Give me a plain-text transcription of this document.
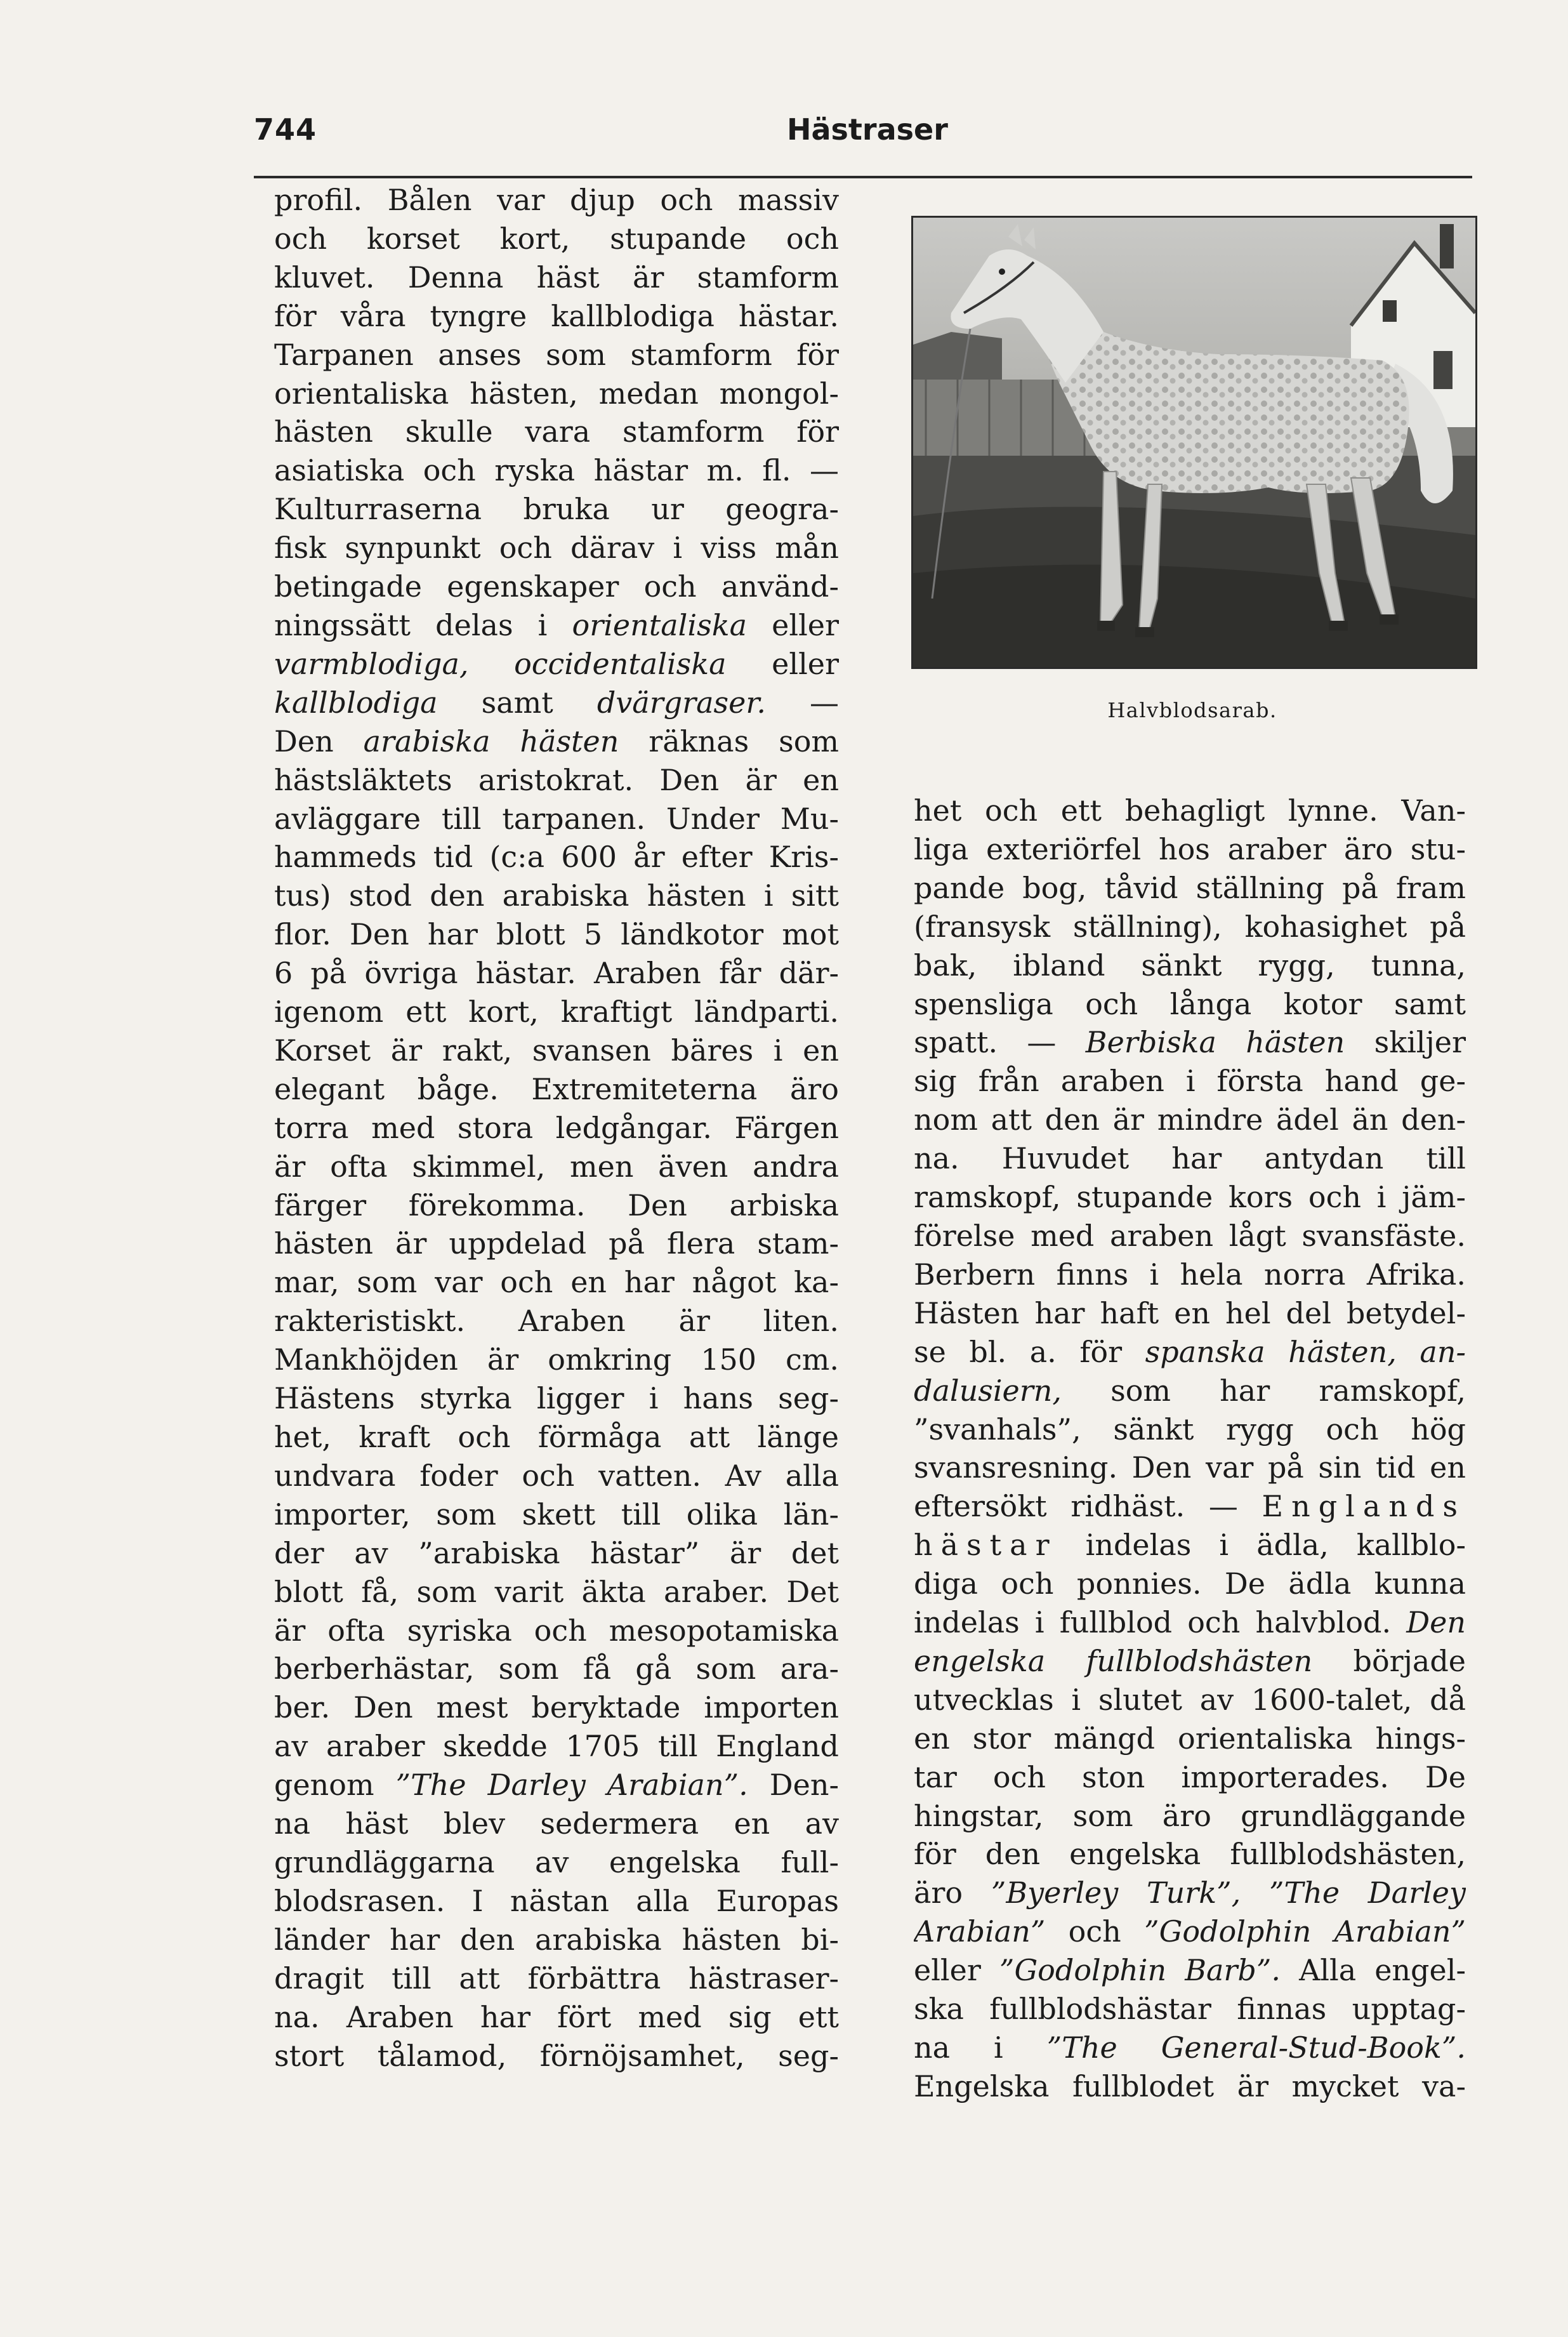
744	Hästraser
profil. Bålen var djup och massiv
och korset kort, stupande och
kluvet. Denna häst är stamform
för våra tyngre kallblodiga hästar.
Tarpanen anses som stamform för
orientaliska hästen, medan mongol-
hästen skulle vara stamform för
asiatiska och ryska hästar m. fl. —
Kulturraserna bruka ur geogra-
fisk synpunkt och därav i viss mån
betingade egenskaper och använd-
ningssätt delas i orientaliska eller
varmblodiga, occidentaliska eller
kallblodiga samt dvärgraser. —
Den arabiska hästen räknas som
hästsläktets aristokrat. Den är en
avläggare till tarpanen. Under Mu-
hammeds tid (c:a 600 år efter Kris-
tus) stod den arabiska hästen i sitt
flor. Den har blott 5 ländkotor mot
6 på övriga hästar. Araben får där-
igenom ett kort, kraftigt ländparti.
Korset är rakt, svansen bäres i en
elegant båge. Extremiteterna äro
torra med stora ledgångar. Färgen
är ofta skimmel, men även andra
färger förekomma. Den arbiska
hästen är uppdelad på flera stam-
mar, som var och en har något ka-
rakteristiskt. Araben är liten.
Mankhöjden är omkring 150 cm.
Hästens styrka ligger i hans seg-
het, kraft och förmåga att länge
undvara foder och vatten. Av alla
importer, som skett till olika län-
der av ”arabiska hästar” är det
blott få, som varit äkta araber. Det
är ofta syriska och mesopotamiska
berberhästar, som få gå som ara-
ber. Den mest beryktade importen
av araber skedde 1705 till England
genom ”The Darley Arabian”. Den-
na häst blev sedermera en av
grundläggarna av engelska full-
blodsrasen. I nästan alla Europas
länder har den arabiska hästen bi-
dragit till att förbättra hästraser-
na. Araben har fört med sig ett
stort tålamod, förnöjsamhet, seg-
Halvblodsarab.
het och ett behagligt lynne. Van-
liga exteriörfel hos araber äro stu-
pande bog, tåvid ställning på fram
(fransysk ställning), kohasighet på
bak, ibland sänkt rygg, tunna,
spensliga och långa kotor samt
spatt. — Berbiska hästen skiljer
sig från araben i första hand ge-
nom att den är mindre ädel än den-
na. Huvudet har antydan till
ramskopf, stupande kors och i jäm-
förelse med araben lågt svansfäste.
Berbern finns i hela norra Afrika.
Hästen har haft en hel del betydel-
se bl. a. för spanska hästen, an-
dalusiern, som har ramskopf,
”svanhals”, sänkt rygg och hög
svansresning. Den var på sin tid en
eftersökt ridhäst. — Englands
hästar indelas i ädla, kallblo-
diga och ponnies. De ädla kunna
indelas i fullblod och halvblod. Den
engelska fullblodshästen började
utvecklas i slutet av 1600-talet, då
en stor mängd orientaliska hings-
tar och ston importerades. De
hingstar, som äro grundläggande
för den engelska fullblodshästen,
äro ”Byerley Turk”, ”The Darley
Arabian” och ”Godolphin Arabian”
eller ”Godolphin Barb”. Alla engel-
ska fullblodshästar finnas upptag-
na i ”The General-Stud-Book”.
Engelska fullblodet är mycket va-
